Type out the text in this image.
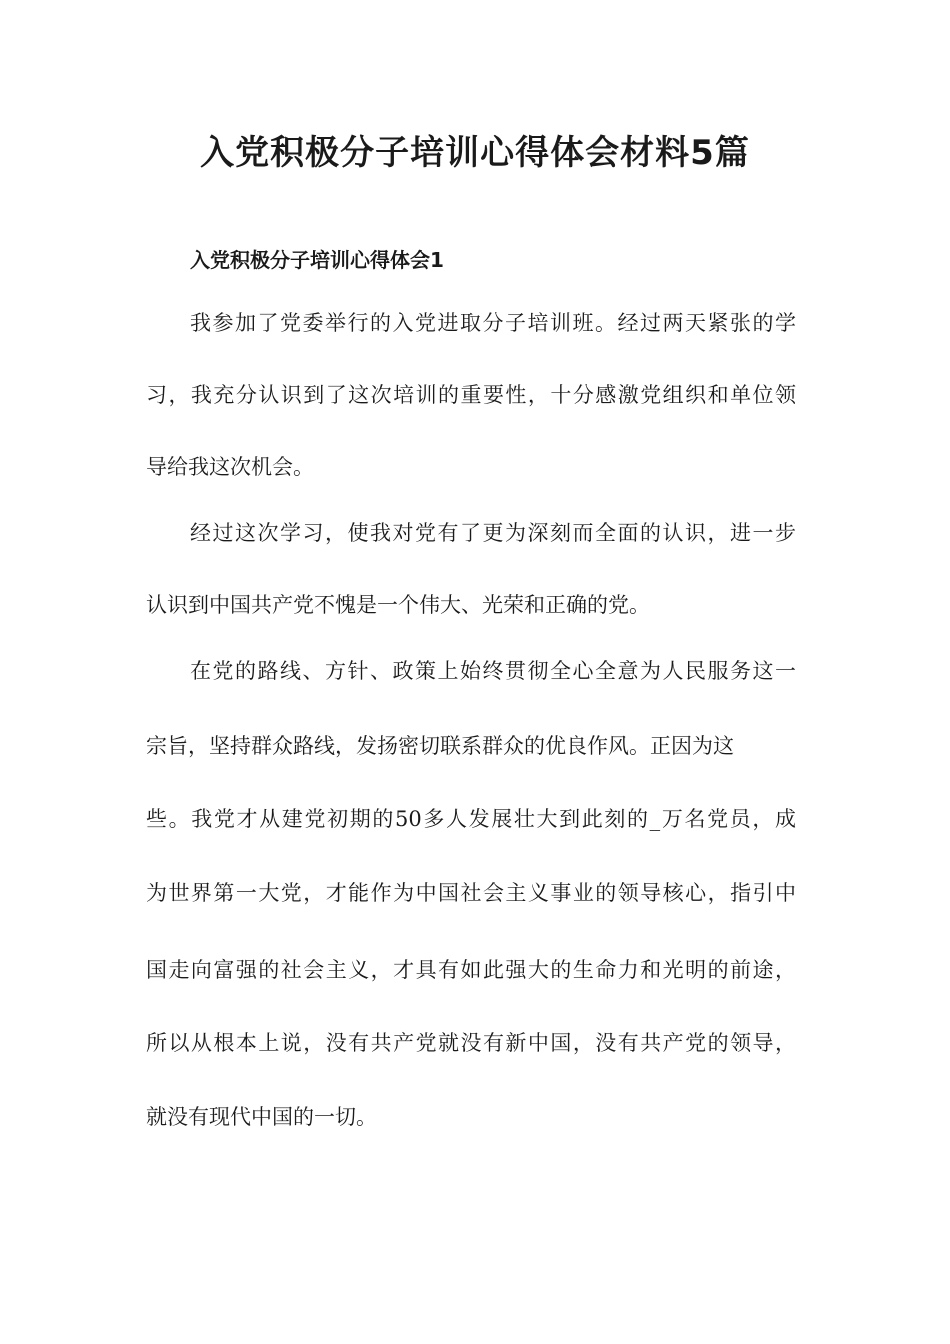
入党积极分子培训心得体会材料5篇
入党积极分子培训心得体会1

我参加了党委举行的入党进取分子培训班。经过两天紧张的学

习，我充分认识到了这次培训的重要性，十分感激党组织和单位领

导给我这次机会。

经过这次学习，使我对党有了更为深刻而全面的认识，进一步

认识到中国共产党不愧是一个伟大、光荣和正确的党。

在党的路线、方针、政策上始终贯彻全心全意为人民服务这一

宗旨，坚持群众路线，发扬密切联系群众的优良作风。正因为这

些。我党才从建党初期的50多人发展壮大到此刻的_万名党员，成

为世界第一大党，才能作为中国社会主义事业的领导核心，指引中

国走向富强的社会主义，才具有如此强大的生命力和光明的前途，

所以从根本上说，没有共产党就没有新中国，没有共产党的领导，

就没有现代中国的一切。
